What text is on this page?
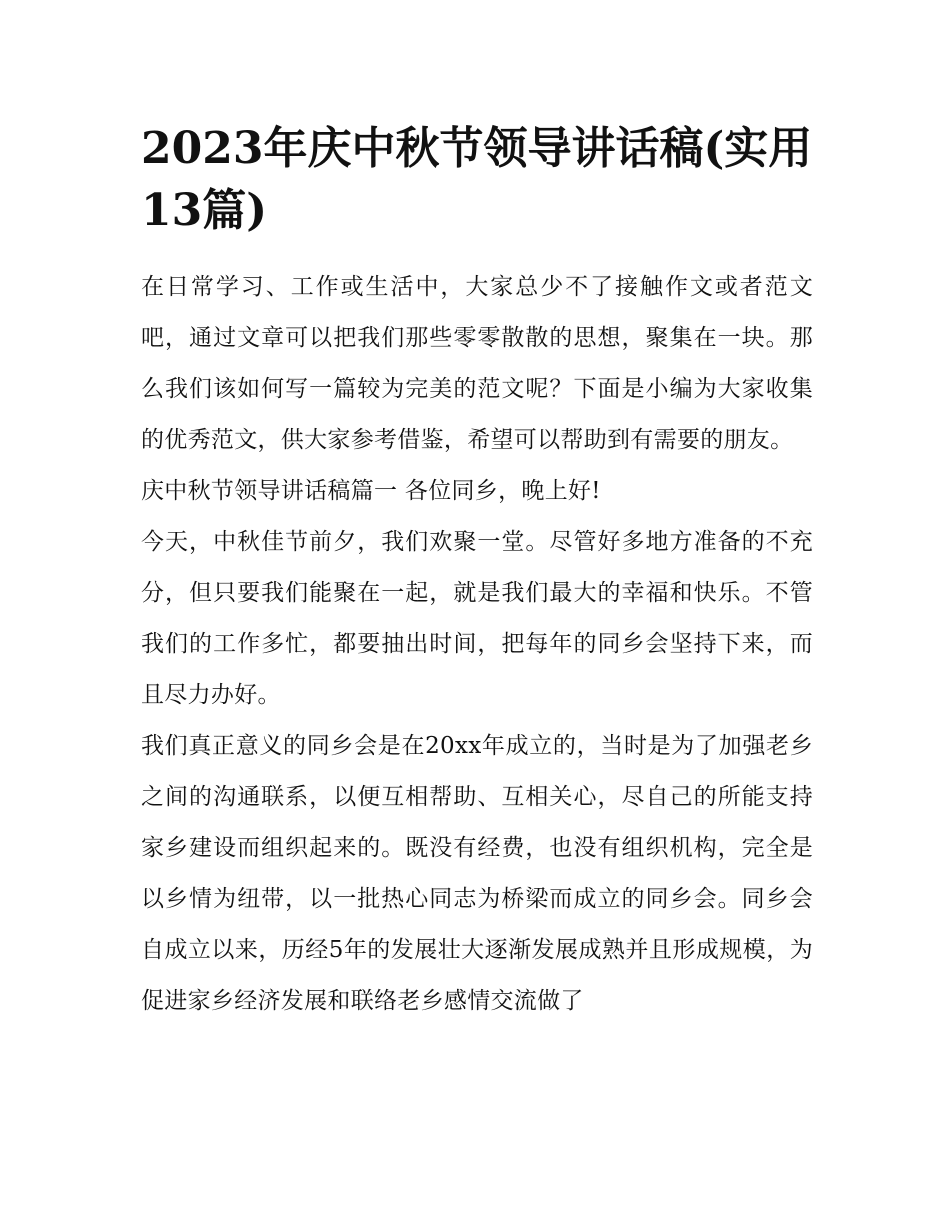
2023年庆中秋节领导讲话稿(实用13篇)

在日常学习、工作或生活中，大家总少不了接触作文或者范文吧，通过文章可以把我们那些零零散散的思想，聚集在一块。那么我们该如何写一篇较为完美的范文呢？下面是小编为大家收集的优秀范文，供大家参考借鉴，希望可以帮助到有需要的朋友。

庆中秋节领导讲话稿篇一 各位同乡，晚上好!

今天，中秋佳节前夕，我们欢聚一堂。尽管好多地方准备的不充分，但只要我们能聚在一起，就是我们最大的幸福和快乐。不管我们的工作多忙，都要抽出时间，把每年的同乡会坚持下来，而且尽力办好。

我们真正意义的同乡会是在20xx年成立的，当时是为了加强老乡之间的沟通联系，以便互相帮助、互相关心，尽自己的所能支持家乡建设而组织起来的。既没有经费，也没有组织机构，完全是以乡情为纽带，以一批热心同志为桥梁而成立的同乡会。同乡会自成立以来，历经5年的发展壮大逐渐发展成熟并且形成规模，为促进家乡经济发展和联络老乡感情交流做了
